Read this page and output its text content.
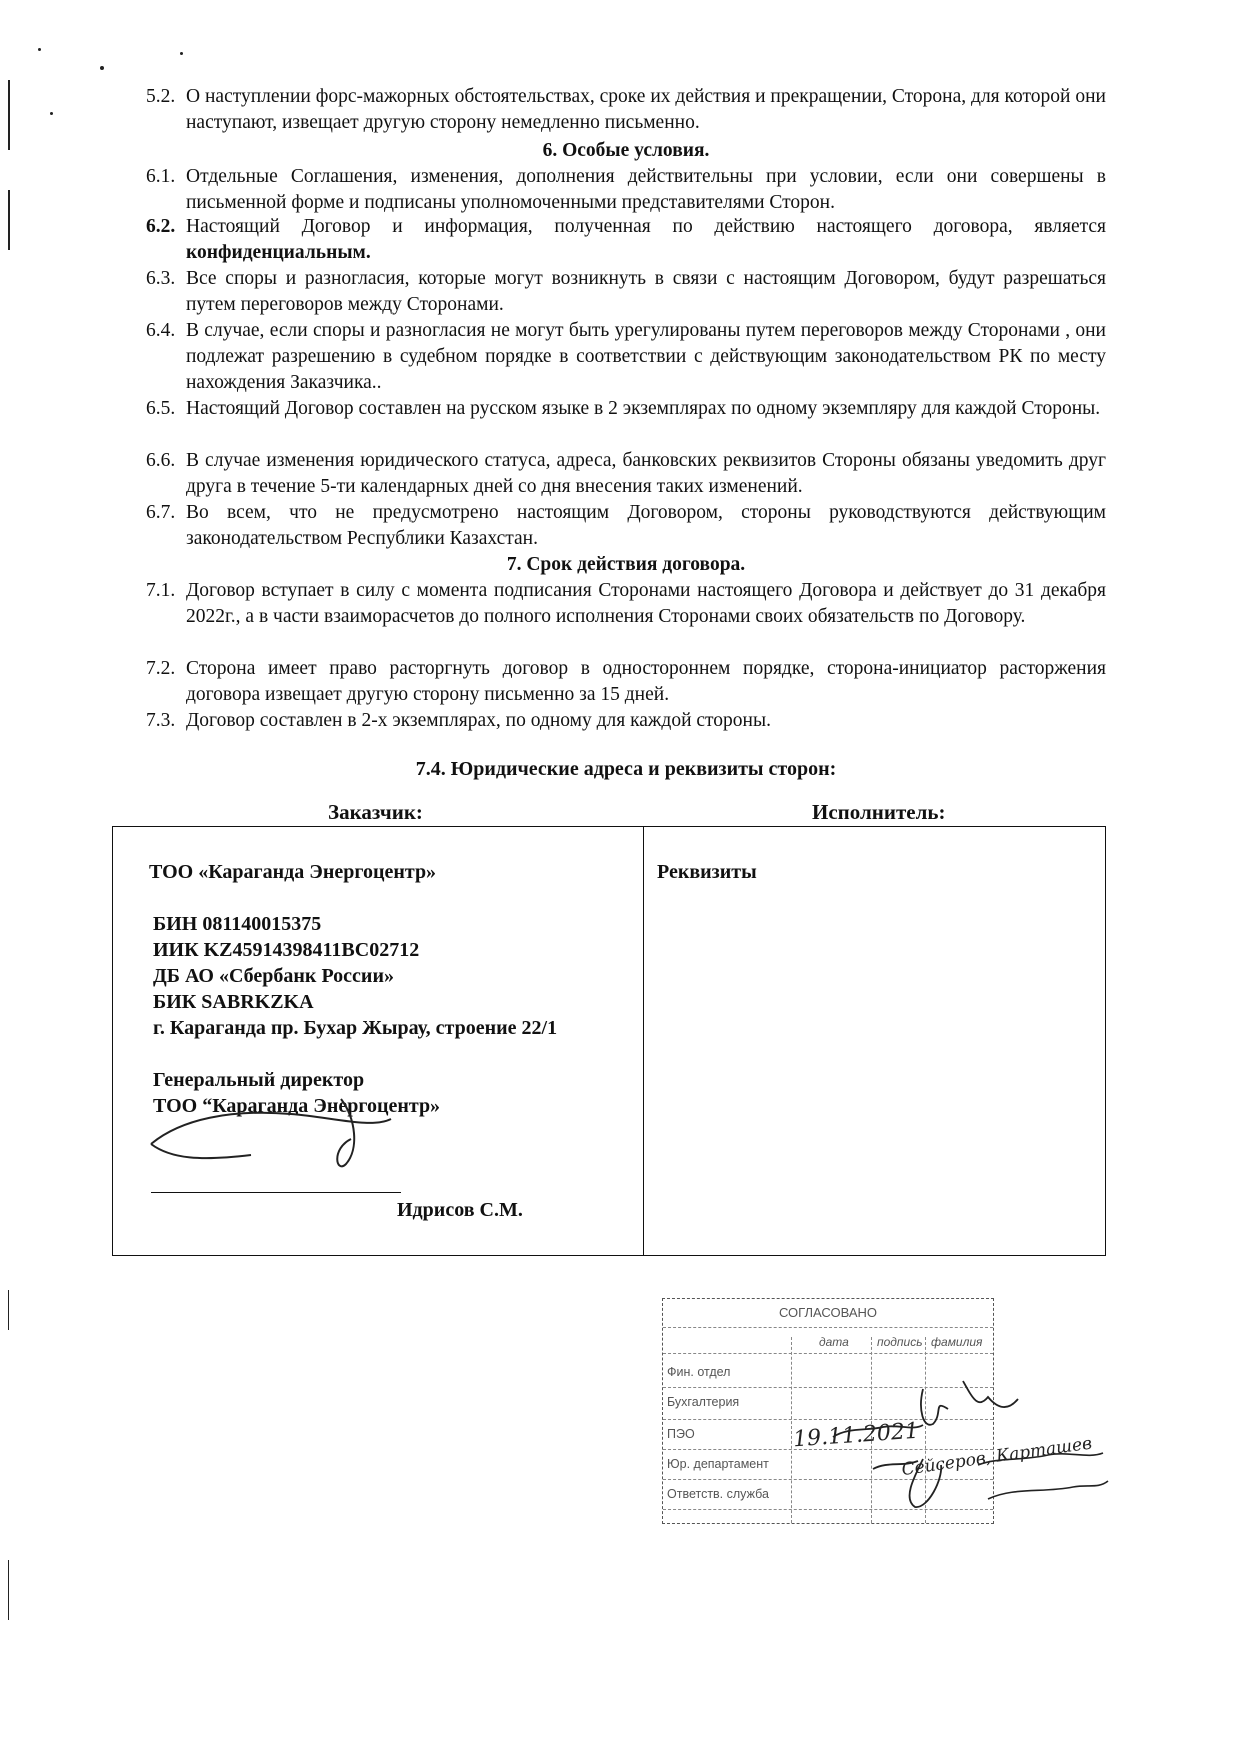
5.2. О наступлении форс-мажорных обстоятельствах, сроке их действия и прекращении, Сторона, для которой они наступают, извещает другую сторону немедленно письменно.
6. Особые условия.
6.1. Отдельные Соглашения, изменения, дополнения действительны при условии, если они совершены в письменной форме и подписаны уполномоченными представителями Сторон.
6.2. Настоящий Договор и информация, полученная по действию настоящего договора, является конфиденциальным.
6.3. Все споры и разногласия, которые могут возникнуть в связи с настоящим Договором, будут разрешаться путем переговоров между Сторонами.
6.4. В случае, если споры и разногласия не могут быть урегулированы путем переговоров между Сторонами , они подлежат разрешению в судебном порядке в соответствии с действующим законодательством РК по месту нахождения Заказчика..
6.5. Настоящий Договор составлен на русском языке в 2 экземплярах по одному экземпляру для каждой Стороны.
6.6. В случае изменения юридического статуса, адреса, банковских реквизитов Стороны обязаны уведомить друг друга в течение 5-ти календарных дней со дня внесения таких изменений.
6.7. Во всем, что не предусмотрено настоящим Договором, стороны руководствуются действующим законодательством Республики Казахстан.
7. Срок действия договора.
7.1. Договор вступает в силу с момента подписания Сторонами настоящего Договора и действует до 31 декабря 2022г., а в части взаиморасчетов до полного исполнения Сторонами своих обязательств по Договору.
7.2. Сторона имеет право расторгнуть договор в одностороннем порядке, сторона-инициатор расторжения договора извещает другую сторону письменно за 15 дней.
7.3. Договор составлен в 2-х экземплярах, по одному для каждой стороны.
7.4. Юридические адреса и реквизиты сторон:
Заказчик:	Исполнитель:
ТОО «Караганда Энергоцентр»
БИН 081140015375
ИИК KZ45914398411BC02712
ДБ АО «Сбербанк России»
БИК SABRKZKA
г. Караганда пр. Бухар Жырау, строение 22/1
Генеральный директор
ТОО “Караганда Энергоцентр»
Идрисов С.М.
Реквизиты
СОГЛАСОВАНО
дата подпись фамилия
Фин. отдел
Бухгалтерия
ПЭО
Юр. департамент
Ответств. служба
19.11.2021
Сейсеров, Карташев
